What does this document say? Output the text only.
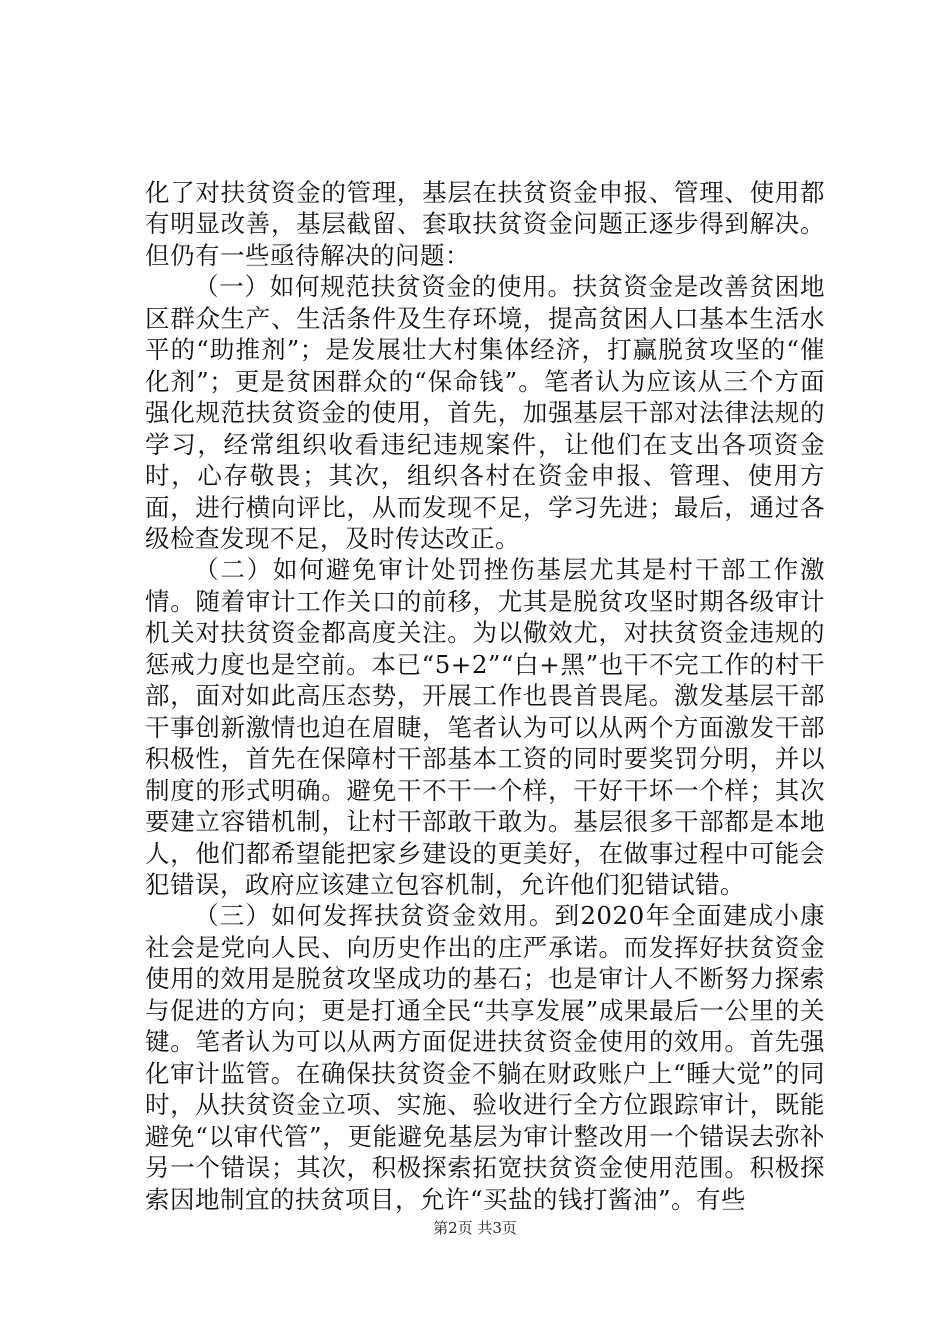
化了对扶贫资金的管理，基层在扶贫资金申报、管理、使用都有明显改善，基层截留、套取扶贫资金问题正逐步得到解决。但仍有一些亟待解决的问题：

（一）如何规范扶贫资金的使用。扶贫资金是改善贫困地区群众生产、生活条件及生存环境，提高贫困人口基本生活水平的“助推剂”；是发展壮大村集体经济，打赢脱贫攻坚的“催化剂”；更是贫困群众的“保命钱”。笔者认为应该从三个方面强化规范扶贫资金的使用，首先，加强基层干部对法律法规的学习，经常组织收看违纪违规案件，让他们在支出各项资金时，心存敬畏；其次，组织各村在资金申报、管理、使用方面，进行横向评比，从而发现不足，学习先进；最后，通过各级检查发现不足，及时传达改正。

（二）如何避免审计处罚挫伤基层尤其是村干部工作激情。随着审计工作关口的前移，尤其是脱贫攻坚时期各级审计机关对扶贫资金都高度关注。为以儆效尤，对扶贫资金违规的惩戒力度也是空前。本已“5+2”“白+黑”也干不完工作的村干部，面对如此高压态势，开展工作也畏首畏尾。激发基层干部干事创新激情也迫在眉睫，笔者认为可以从两个方面激发干部积极性，首先在保障村干部基本工资的同时要奖罚分明，并以制度的形式明确。避免干不干一个样，干好干坏一个样；其次要建立容错机制，让村干部敢干敢为。基层很多干部都是本地人，他们都希望能把家乡建设的更美好，在做事过程中可能会犯错误，政府应该建立包容机制，允许他们犯错试错。

（三）如何发挥扶贫资金效用。到2020年全面建成小康社会是党向人民、向历史作出的庄严承诺。而发挥好扶贫资金使用的效用是脱贫攻坚成功的基石；也是审计人不断努力探索与促进的方向；更是打通全民“共享发展”成果最后一公里的关键。笔者认为可以从两方面促进扶贫资金使用的效用。首先强化审计监管。在确保扶贫资金不躺在财政账户上“睡大觉”的同时，从扶贫资金立项、实施、验收进行全方位跟踪审计，既能避免“以审代管”，更能避免基层为审计整改用一个错误去弥补另一个错误；其次，积极探索拓宽扶贫资金使用范围。积极探索因地制宜的扶贫项目，允许“买盐的钱打酱油”。有些

第2页 共3页
